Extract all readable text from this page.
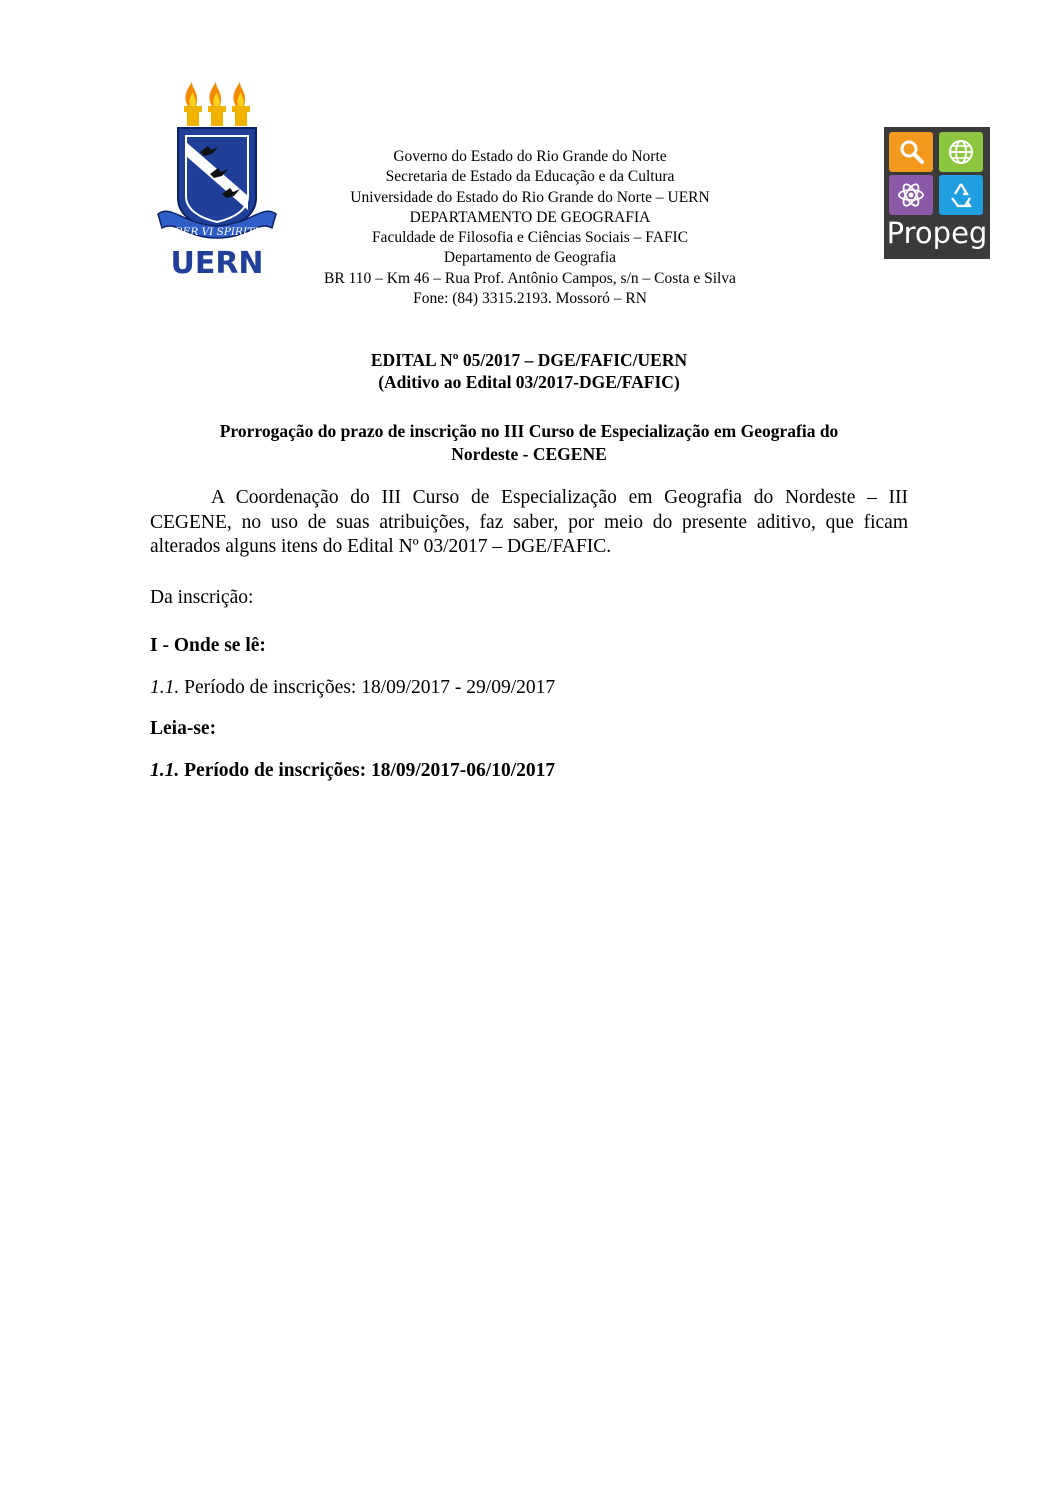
LIBER VI SPIRITUS
UERN
Propeg
Governo do Estado do Rio Grande do Norte
Secretaria de Estado da Educação e da Cultura
Universidade do Estado do Rio Grande do Norte – UERN
DEPARTAMENTO DE GEOGRAFIA
Faculdade de Filosofia e Ciências Sociais – FAFIC
Departamento de Geografia
BR 110 – Km 46 – Rua Prof. Antônio Campos, s/n – Costa e Silva
Fone: (84) 3315.2193. Mossoró – RN
EDITAL Nº 05/2017 – DGE/FAFIC/UERN
(Aditivo ao Edital 03/2017-DGE/FAFIC)
Prorrogação do prazo de inscrição no III Curso de Especialização em Geografia do
Nordeste - CEGENE

A Coordenação do III Curso de Especialização em Geografia do Nordeste – III CEGENE, no uso de suas atribuições, faz saber, por meio do presente aditivo, que ficam alterados alguns itens do Edital Nº 03/2017 – DGE/FAFIC.

Da inscrição:
I - Onde se lê:
1.1. Período de inscrições: 18/09/2017 - 29/09/2017
Leia-se:
1.1. Período de inscrições: 18/09/2017-06/10/2017
